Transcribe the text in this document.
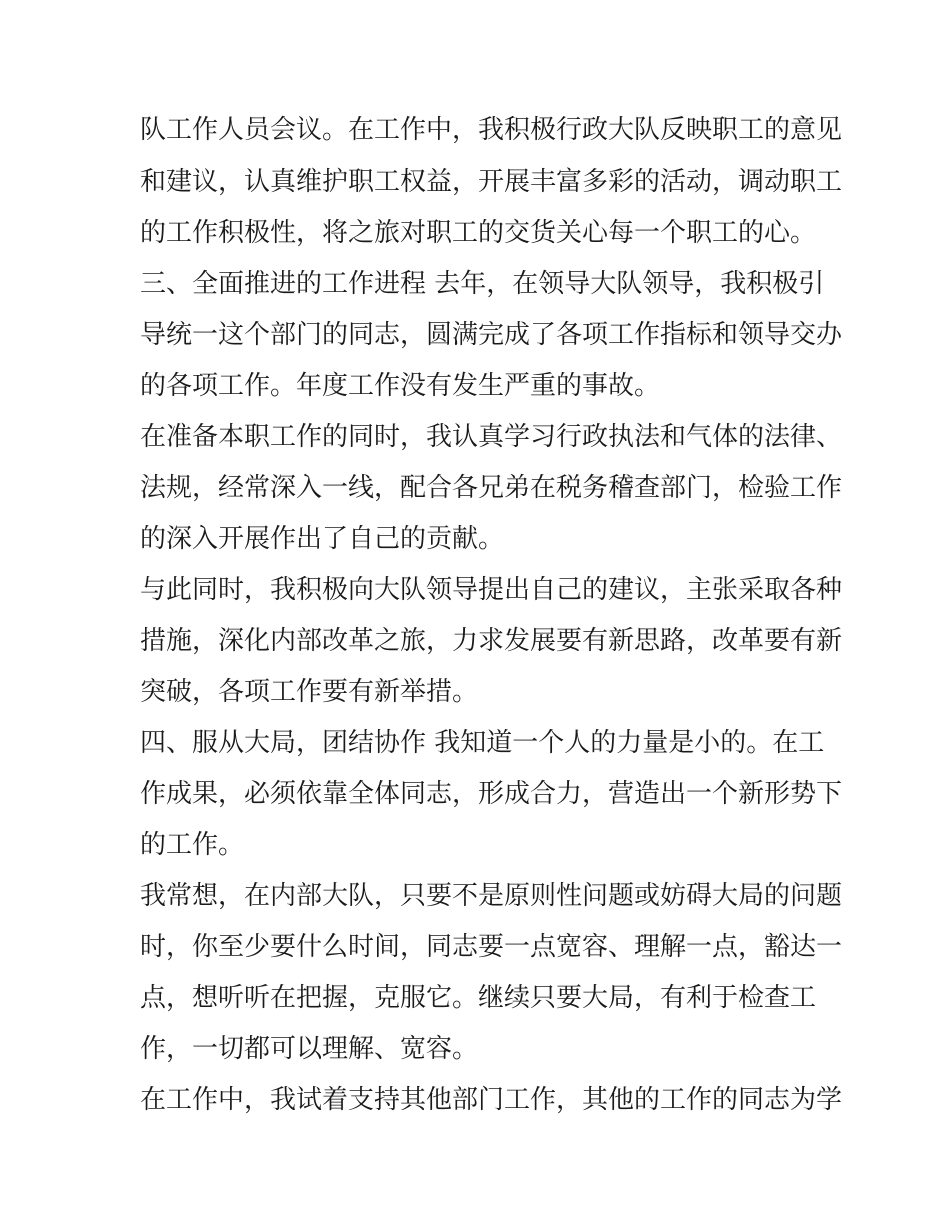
队工作人员会议。在工作中，我积极行政大队反映职工的意见

和建议，认真维护职工权益，开展丰富多彩的活动，调动职工

的工作积极性，将之旅对职工的交货关心每一个职工的心。

三、全面推进的工作进程 去年，在领导大队领导，我积极引

导统一这个部门的同志，圆满完成了各项工作指标和领导交办

的各项工作。年度工作没有发生严重的事故。

在准备本职工作的同时，我认真学习行政执法和气体的法律、

法规，经常深入一线，配合各兄弟在税务稽查部门，检验工作

的深入开展作出了自己的贡献。

与此同时，我积极向大队领导提出自己的建议，主张采取各种

措施，深化内部改革之旅，力求发展要有新思路，改革要有新

突破，各项工作要有新举措。

四、服从大局，团结协作 我知道一个人的力量是小的。在工

作成果，必须依靠全体同志，形成合力，营造出一个新形势下

的工作。

我常想，在内部大队，只要不是原则性问题或妨碍大局的问题

时，你至少要什么时间，同志要一点宽容、理解一点，豁达一

点，想听听在把握，克服它。继续只要大局，有利于检查工

作，一切都可以理解、宽容。

在工作中，我试着支持其他部门工作，其他的工作的同志为学
